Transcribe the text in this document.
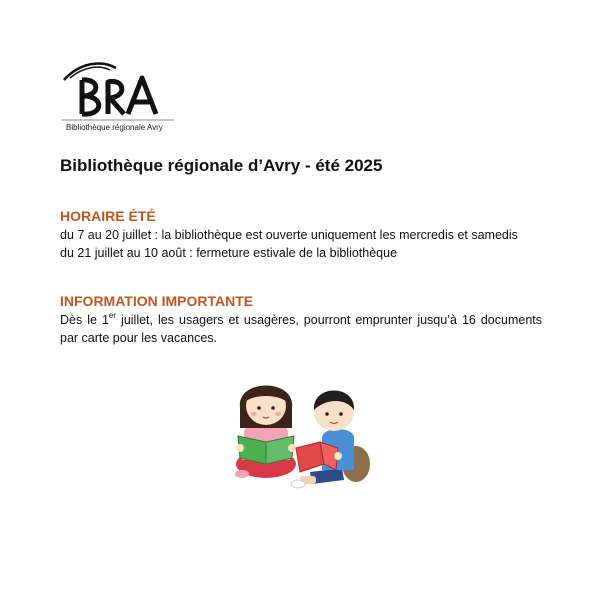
Bibliothèque régionale Avry
Bibliothèque régionale d’Avry - été 2025
HORAIRE ÉTÉ
du 7 au 20 juillet : la bibliothèque est ouverte uniquement les mercredis et samedis
du 21 juillet au 10 août : fermeture estivale de la bibliothèque
INFORMATION IMPORTANTE
Dès le 1er juillet, les usagers et usagères, pourront emprunter jusqu’à 16 documents
par carte pour les vacances.
